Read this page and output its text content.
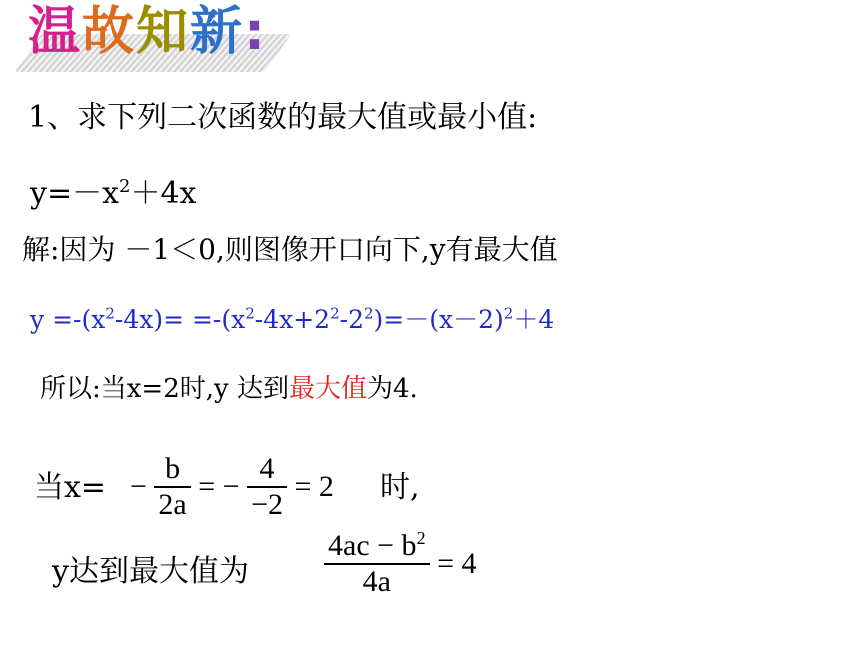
温故知新:
1、求下列二次函数的最大值或最小值:
$y=-x^2+4x$
解:因为 －1＜0,则图像开口向下,y有最大值
$y =-(x^2-4x)= =-(x^2-4x+2^2-2^2)=-(x-2)^2+4$
所以:当x=2时,y 达到最大值为4.
当$x= - \frac{b}{2a}$ = − $\frac{4}{-2} = 2$ 时,
y达到最大值为	$\frac{4ac - b^2}{4a} = 4$
